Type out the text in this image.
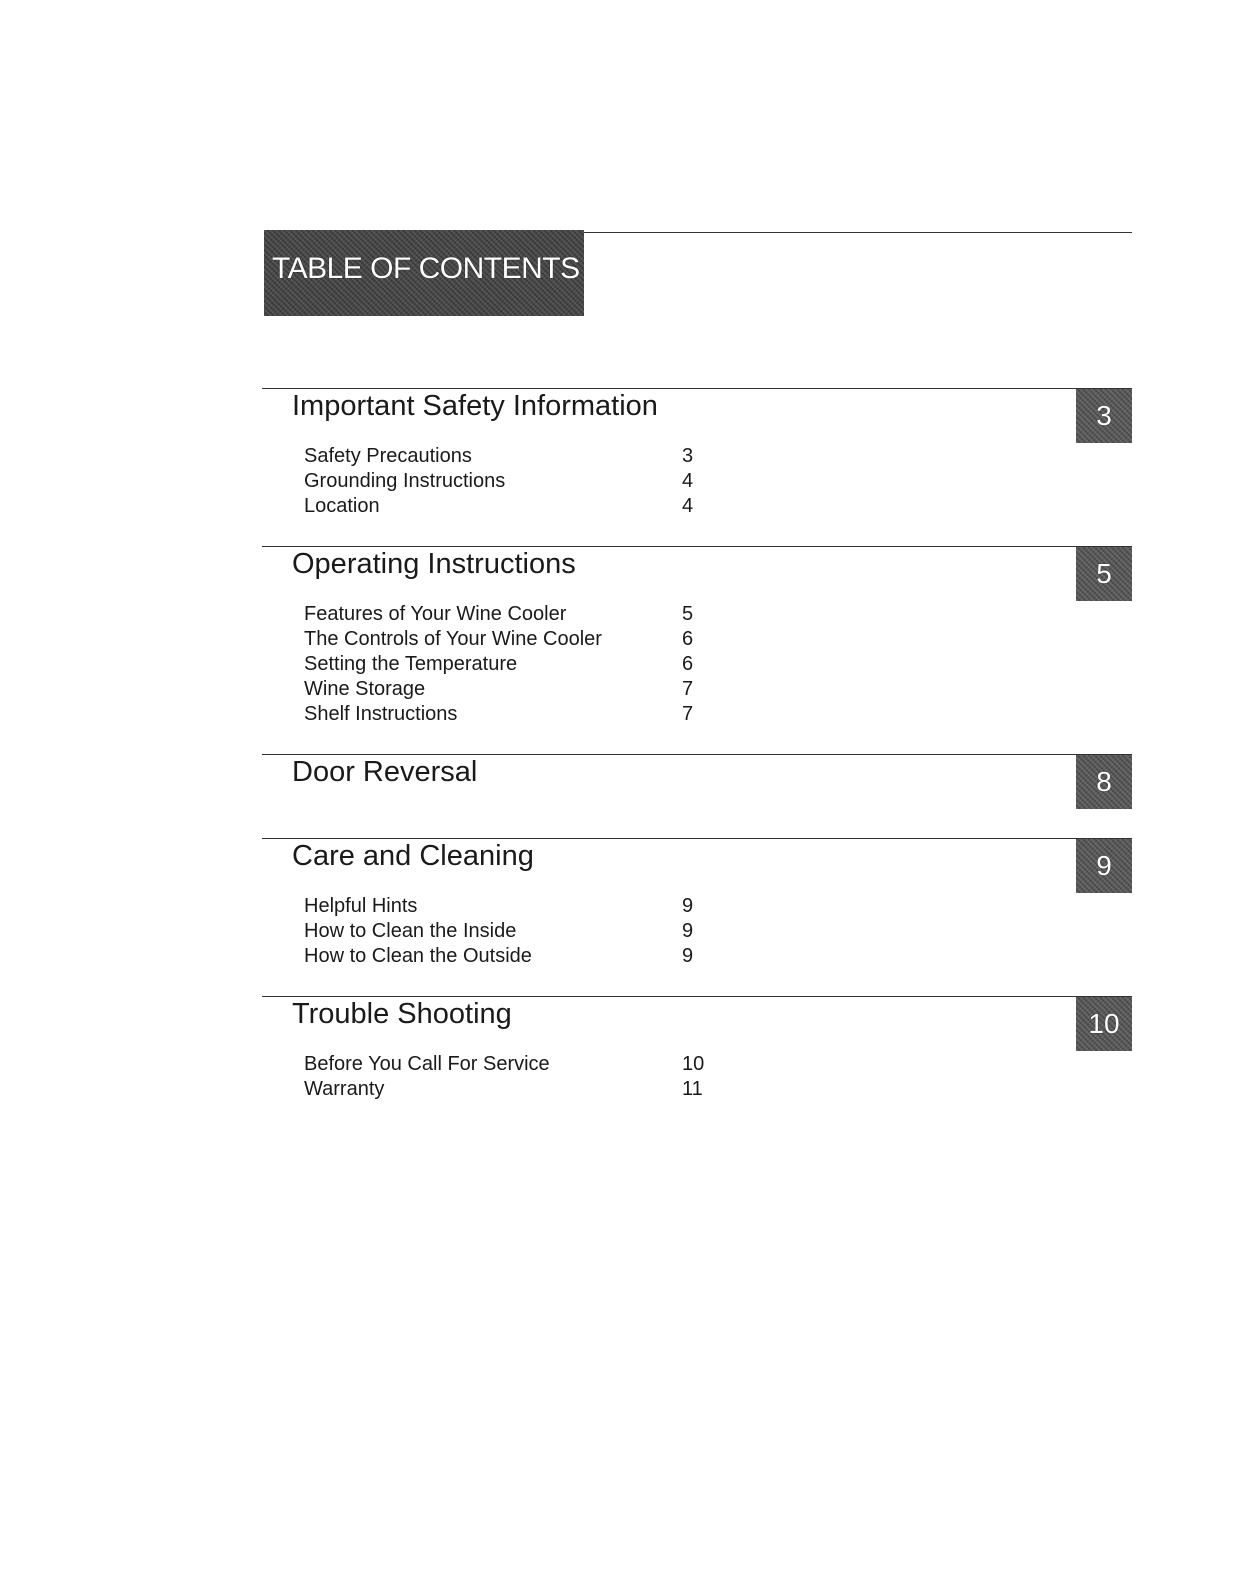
TABLE OF CONTENTS
Important Safety Information	3
Safety Precautions	3
Grounding Instructions	4
Location	4
Operating Instructions	5
Features of Your Wine Cooler	5
The Controls of Your Wine Cooler	6
Setting the Temperature	6
Wine Storage	7
Shelf Instructions	7
Door Reversal	8
Care and Cleaning	9
Helpful Hints	9
How to Clean the Inside	9
How to Clean the Outside	9
Trouble Shooting	10
Before You Call For Service	10
Warranty	11
